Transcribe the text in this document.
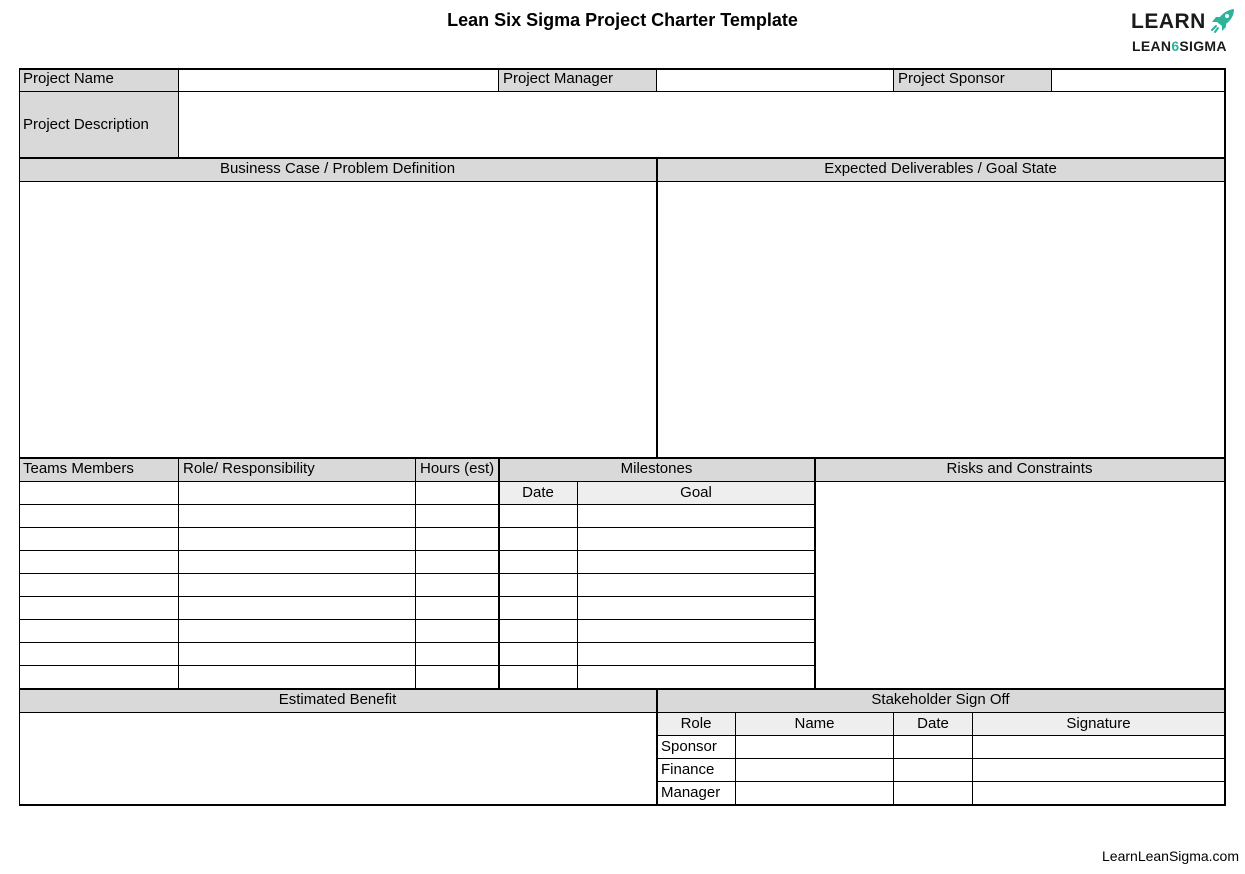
Lean Six Sigma Project Charter Template	LEARN
LEAN6SIGMA
Project Name	Project Manager	Project Sponsor
Project Description
Business Case / Problem Definition	Expected Deliverables / Goal State
Teams Members	Role/ Responsibility	Hours (est)	Milestones	Risks and Constraints
Date	Goal
Estimated Benefit	Stakeholder Sign Off
Role	Name	Date	Signature
Sponsor
Finance
Manager
LearnLeanSigma.com
